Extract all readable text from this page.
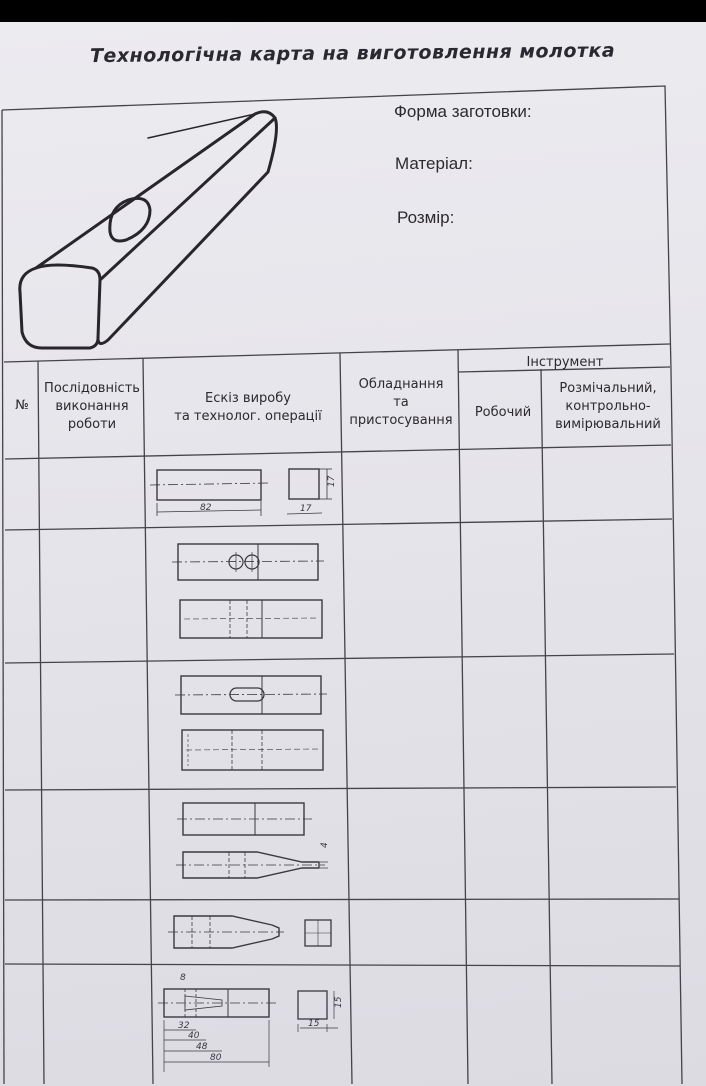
Технологічна карта на виготовлення молотка
82	17
17
4
8
32
40
48
80
15
15
Форма заготовки:
Матеріал:
Розмір:
№
Послідовність
виконання
роботи
Ескіз виробу
та технолог. операції
Обладнання
та
пристосування
Інструмент
Робочий
Розмічальний,
контрольно-
вимірювальний
